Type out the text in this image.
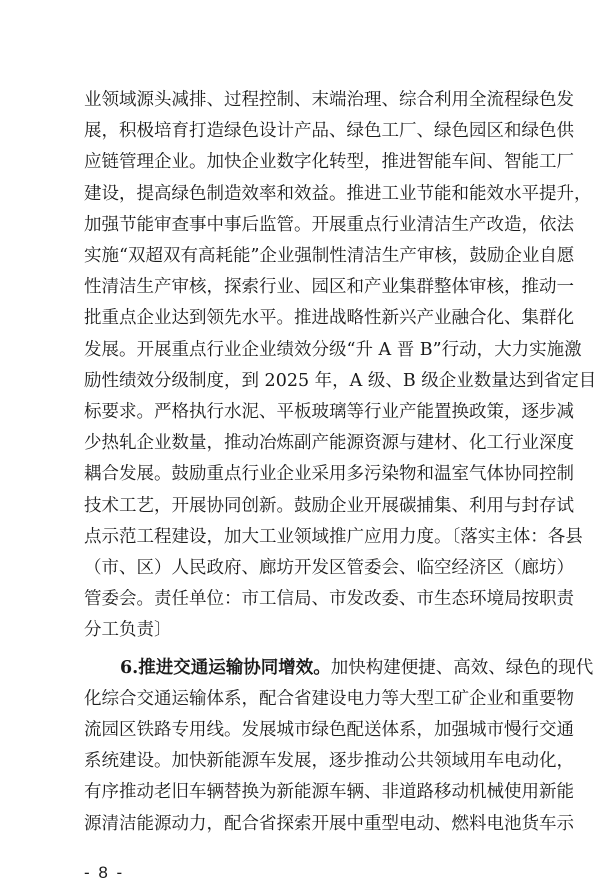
业领域源头减排、过程控制、末端治理、综合利用全流程绿色发
展，积极培育打造绿色设计产品、绿色工厂、绿色园区和绿色供
应链管理企业。加快企业数字化转型，推进智能车间、智能工厂
建设，提高绿色制造效率和效益。推进工业节能和能效水平提升，
加强节能审查事中事后监管。开展重点行业清洁生产改造，依法
实施“双超双有高耗能”企业强制性清洁生产审核，鼓励企业自愿
性清洁生产审核，探索行业、园区和产业集群整体审核，推动一
批重点企业达到领先水平。推进战略性新兴产业融合化、集群化
发展。开展重点行业企业绩效分级“升 A 晋 B”行动，大力实施激
励性绩效分级制度，到 2025 年，A 级、B 级企业数量达到省定目
标要求。严格执行水泥、平板玻璃等行业产能置换政策，逐步减
少热轧企业数量，推动冶炼副产能源资源与建材、化工行业深度
耦合发展。鼓励重点行业企业采用多污染物和温室气体协同控制
技术工艺，开展协同创新。鼓励企业开展碳捕集、利用与封存试
点示范工程建设，加大工业领域推广应用力度。〔落实主体：各县
（市、区）人民政府、廊坊开发区管委会、临空经济区（廊坊）
管委会。责任单位：市工信局、市发改委、市生态环境局按职责
分工负责〕
6.推进交通运输协同增效。加快构建便捷、高效、绿色的现代
化综合交通运输体系，配合省建设电力等大型工矿企业和重要物
流园区铁路专用线。发展城市绿色配送体系，加强城市慢行交通
系统建设。加快新能源车发展，逐步推动公共领域用车电动化，
有序推动老旧车辆替换为新能源车辆、非道路移动机械使用新能
源清洁能源动力，配合省探索开展中重型电动、燃料电池货车示
- 8 -
